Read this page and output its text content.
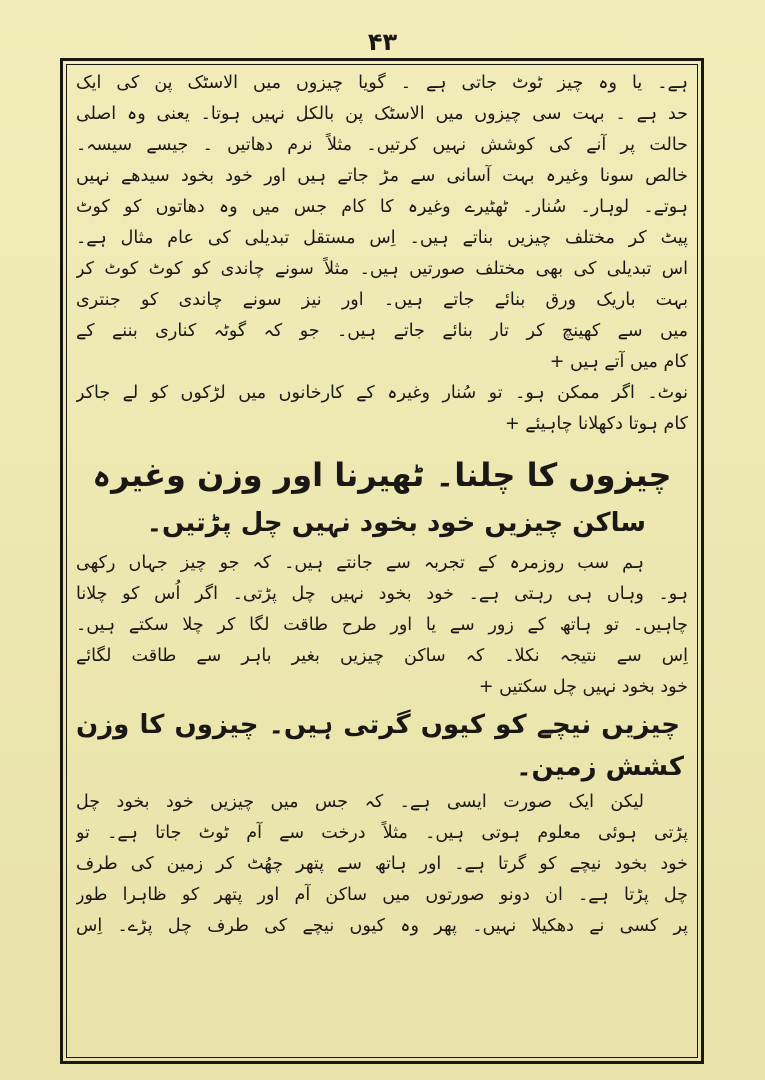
۴۳
ہے۔ یا وہ چیز ٹوٹ جاتی ہے ۔ گویا چیزوں میں الاسٹک پن کی ایک
حد ہے ۔ بہت سی چیزوں میں الاسٹک پن بالکل نہیں ہوتا۔ یعنی وہ اصلی
حالت پر آنے کی کوشش نہیں کرتیں۔ مثلاً نرم دھاتیں ۔ جیسے سیسہ۔
خالص سونا وغیرہ بہت آسانی سے مڑ جاتے ہیں اور خود بخود سیدھے نہیں
ہوتے۔ لوہار۔ سُنار۔ ٹھٹیرے وغیرہ کا کام جس میں وہ دھاتوں کو کوٹ
پیٹ کر مختلف چیزیں بناتے ہیں۔ اِس مستقل تبدیلی کی عام مثال ہے۔
اس تبدیلی کی بھی مختلف صورتیں ہیں۔ مثلاً سونے چاندی کو کوٹ کوٹ کر
بہت باریک ورق بنائے جاتے ہیں۔ اور نیز سونے چاندی کو جنتری
میں سے کھینچ کر تار بنائے جاتے ہیں۔ جو کہ گوٹہ کناری بننے کے
کام میں آتے ہیں +
نوٹ۔ اگر ممکن ہو۔ تو سُنار وغیرہ کے کارخانوں میں لڑکوں کو لے جاکر
کام ہوتا دکھلانا چاہیئے +
چیزوں کا چلنا۔ ٹھیرنا اور وزن وغیرہ
ساکن چیزیں خود بخود نہیں چل پڑتیں۔
ہم سب روزمرہ کے تجربہ سے جانتے ہیں۔ کہ جو چیز جہاں رکھی
ہو۔ وہاں ہی رہتی ہے۔ خود بخود نہیں چل پڑتی۔ اگر اُس کو چلانا
چاہیں۔ تو ہاتھ کے زور سے یا اور طرح طاقت لگا کر چلا سکتے ہیں۔
اِس سے نتیجہ نکلا۔ کہ ساکن چیزیں بغیر باہر سے طاقت لگائے
خود بخود نہیں چل سکتیں +
چیزیں نیچے کو کیوں گرتی ہیں۔ چیزوں کا وزن
کشش زمین۔
لیکن ایک صورت ایسی ہے۔ کہ جس میں چیزیں خود بخود چل
پڑتی ہوئی معلوم ہوتی ہیں۔ مثلاً درخت سے آم ٹوٹ جاتا ہے۔ تو
خود بخود نیچے کو گرتا ہے۔ اور ہاتھ سے پتھر چھُٹ کر زمین کی طرف
چل پڑتا ہے۔ ان دونو صورتوں میں ساکن آم اور پتھر کو ظاہرا طور
پر کسی نے دھکیلا نہیں۔ پھر وہ کیوں نیچے کی طرف چل پڑے۔ اِس
